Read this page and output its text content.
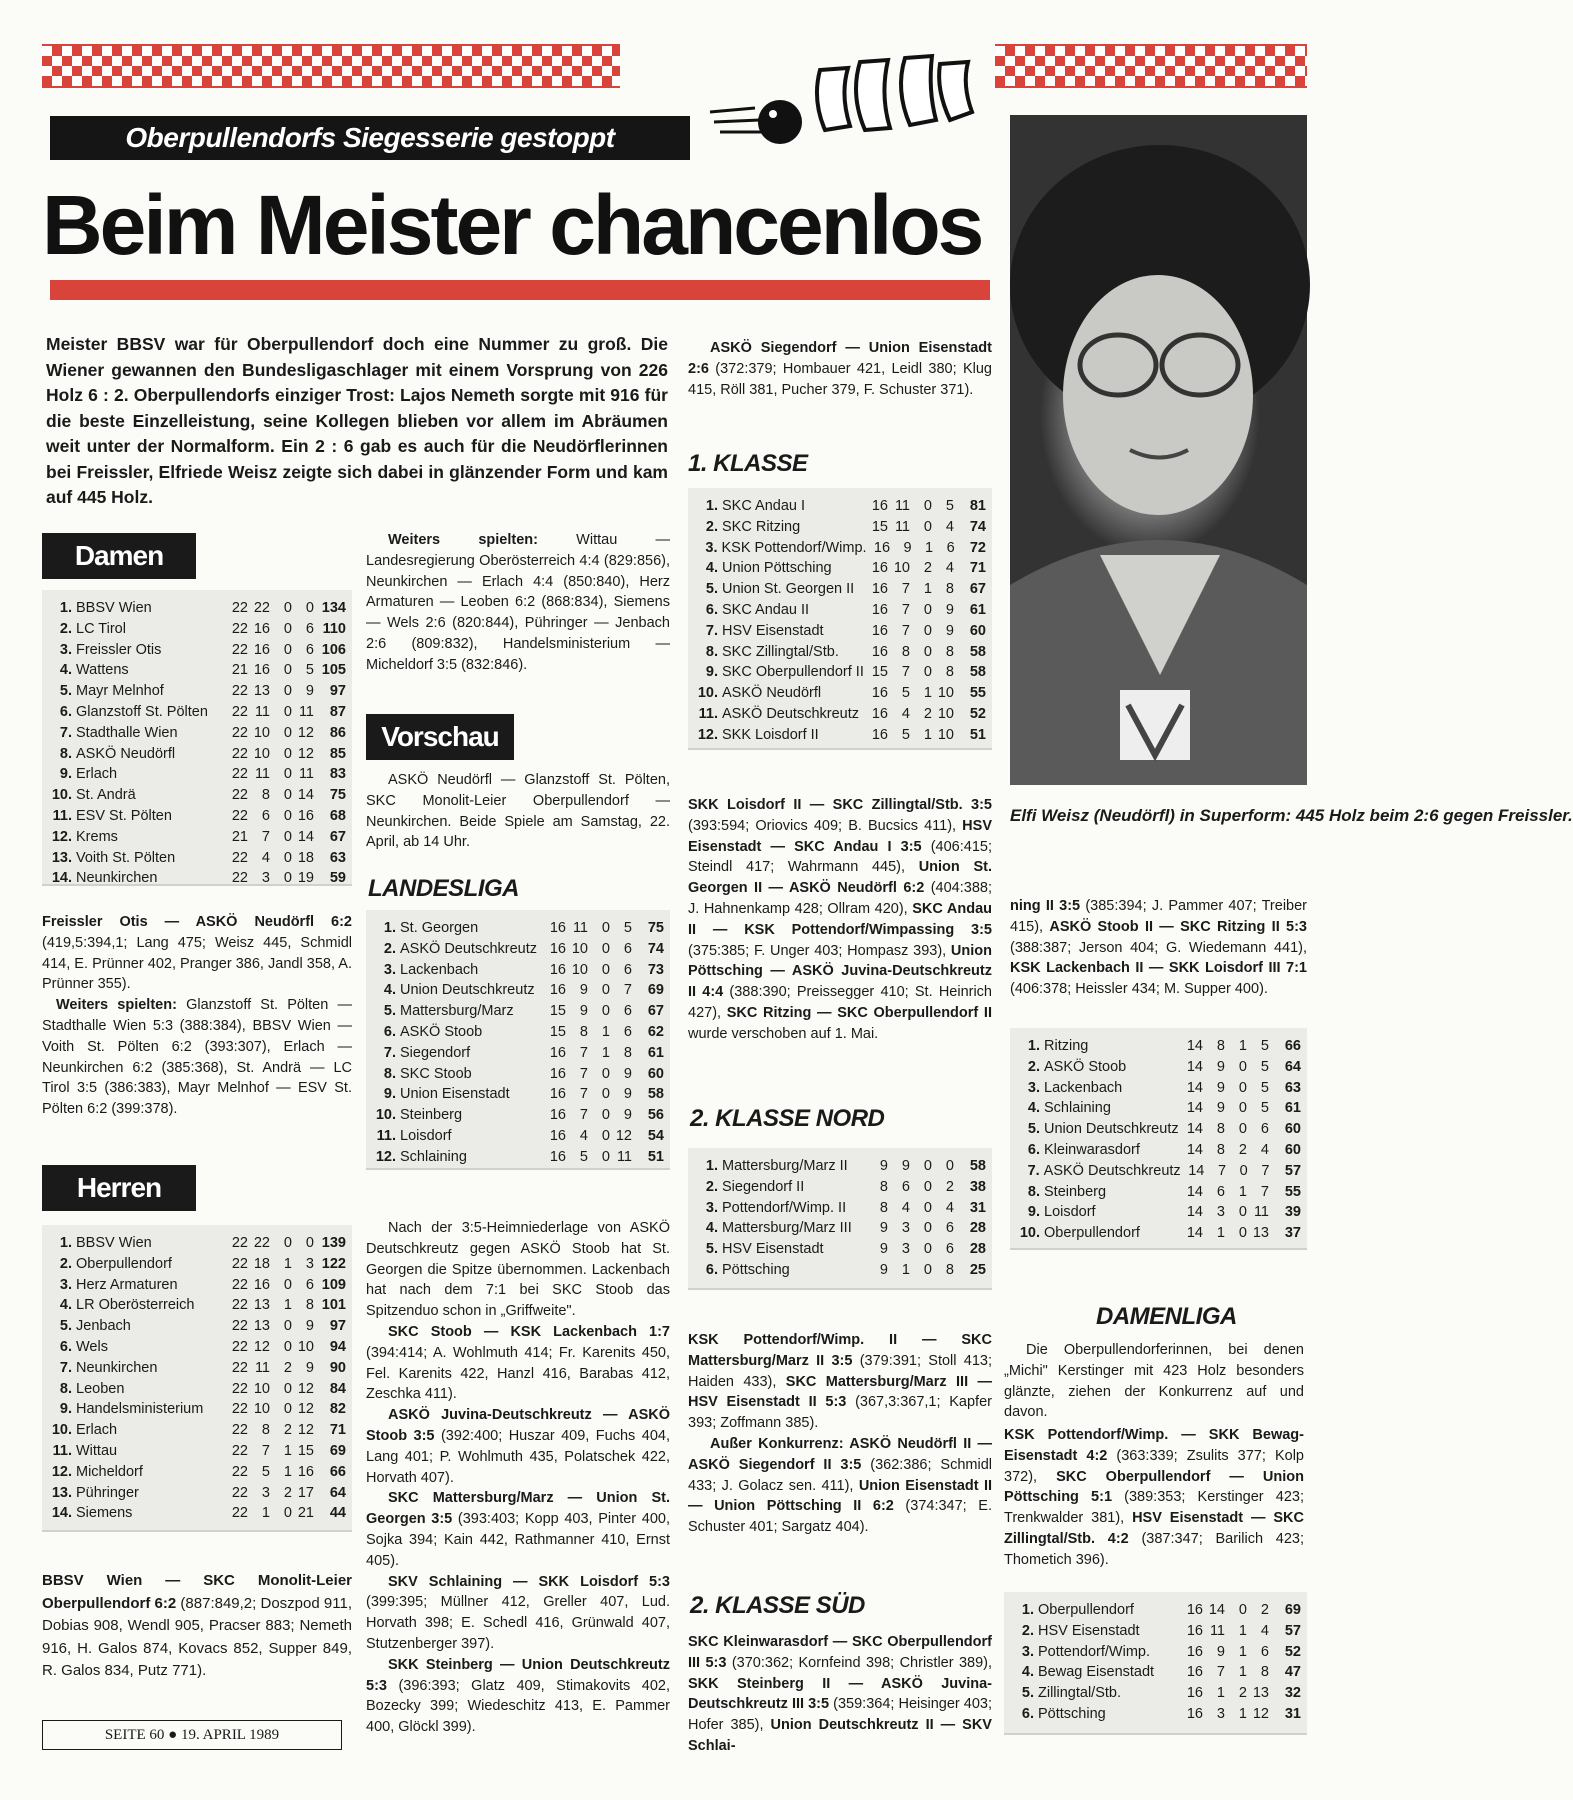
Oberpullendorfs Siegesserie gestoppt
Beim Meister chancenlos
Meister BBSV war für Oberpullendorf doch eine Nummer zu groß. Die Wiener gewannen den Bundesligaschlager mit einem Vorsprung von 226 Holz 6 : 2. Oberpullendorfs einziger Trost: Lajos Nemeth sorgte mit 916 für die beste Einzelleistung, seine Kollegen blieben vor allem im Abräumen weit unter der Normalform. Ein 2 : 6 gab es auch für die Neudörflerinnen bei Freissler, Elfriede Weisz zeigte sich dabei in glänzender Form und kam auf 445 Holz.
Elfi Weisz (Neudörfl) in Superform: 445 Holz beim 2:6 gegen Freissler.
Damen
1. BBSV Wien	22 22 0 0 134
2. LC Tirol	22 16 0 6 110
3. Freissler Otis	22 16 0 6 106
4. Wattens	21 16 0 5 105
5. Mayr Melnhof	22 13 0 9	97
6. Glanzstoff St. Pölten	22 11 0 11	87
7. Stadthalle Wien	22 10 0 12	86
8. ASKÖ Neudörfl	22 10 0 12	85
9. Erlach	22 11 0 11	83
10. St. Andrä	22 8 0 14	75
11. ESV St. Pölten	22 6 0 16	68
12. Krems	21 7 0 14	67
13. Voith St. Pölten	22 4 0 18	63
14. Neunkirchen	22 3 0 19	59

Freissler Otis — ASKÖ Neudörfl 6:2 (419,5:394,1; Lang 475; Weisz 445, Schmidl 414, E. Prünner 402, Pranger 386, Jandl 358, A. Prünner 355).

Weiters spielten: Glanzstoff St. Pölten — Stadthalle Wien 5:3 (388:384), BBSV Wien — Voith St. Pölten 6:2 (393:307), Erlach — Neunkirchen 6:2 (385:368), St. Andrä — LC Tirol 3:5 (386:383), Mayr Melnhof — ESV St. Pölten 6:2 (399:378).

Herren
1. BBSV Wien	22 22 0 0 139
2. Oberpullendorf	22 18 1 3 122
3. Herz Armaturen	22 16 0 6 109
4. LR Oberösterreich	22 13 1 8 101
5. Jenbach	22 13 0 9	97
6. Wels	22 12 0 10	94
7. Neunkirchen	22 11 2 9	90
8. Leoben	22 10 0 12	84
9. Handelsministerium	22 10 0 12	82
10. Erlach	22 8 2 12	71
11. Wittau	22 7 1 15	69
12. Micheldorf	22 5 1 16	66
13. Pühringer	22 3 2 17	64
14. Siemens	22 1 0 21	44

BBSV Wien — SKC Monolit-Leier Oberpullendorf 6:2 (887:849,2; Doszpod 911, Dobias 908, Wendl 905, Pracser 883; Nemeth 916, H. Galos 874, Kovacs 852, Supper 849, R. Galos 834, Putz 771).

SEITE 60 ● 19. APRIL 1989

Weiters spielten: Wittau — Landesregierung Oberösterreich 4:4 (829:856), Neunkirchen — Erlach 4:4 (850:840), Herz Armaturen — Leoben 6:2 (868:834), Siemens — Wels 2:6 (820:844), Pühringer — Jenbach 2:6 (809:832), Handelsministerium — Micheldorf 3:5 (832:846).

Vorschau
ASKÖ Neudörfl — Glanzstoff St. Pölten, SKC Monolit-Leier Oberpullendorf — Neunkirchen. Beide Spiele am Samstag, 22. April, ab 14 Uhr.
LANDESLIGA
1. St. Georgen	16 11 0 5	75
2. ASKÖ Deutschkreutz 16 10 0 6	74
3. Lackenbach	16 10 0 6	73
4. Union Deutschkreutz	16 9 0 7	69
5. Mattersburg/Marz	15 9 0 6	67
6. ASKÖ Stoob	15 8 1 6	62
7. Siegendorf	16 7 1 8	61
8. SKC Stoob	16 7 0 9	60
9. Union Eisenstadt	16 7 0 9	58
10. Steinberg	16 7 0 9	56
11. Loisdorf	16 4 0 12	54
12. Schlaining	16 5 0 11	51

Nach der 3:5-Heimniederlage von ASKÖ Deutschkreutz gegen ASKÖ Stoob hat St. Georgen die Spitze übernommen. Lackenbach hat nach dem 7:1 bei SKC Stoob das Spitzenduo schon in „Griffweite".

SKC Stoob — KSK Lackenbach 1:7 (394:414; A. Wohlmuth 414; Fr. Karenits 450, Fel. Karenits 422, Hanzl 416, Barabas 412, Zeschka 411).

ASKÖ Juvina-Deutschkreutz — ASKÖ Stoob 3:5 (392:400; Huszar 409, Fuchs 404, Lang 401; P. Wohlmuth 435, Polatschek 422, Horvath 407).

SKC Mattersburg/Marz — Union St. Georgen 3:5 (393:403; Kopp 403, Pinter 400, Sojka 394; Kain 442, Rathmanner 410, Ernst 405).

SKV Schlaining — SKK Loisdorf 5:3 (399:395; Müllner 412, Greller 407, Lud. Horvath 398; E. Schedl 416, Grünwald 407, Stutzenberger 397).

SKK Steinberg — Union Deutschkreutz 5:3 (396:393; Glatz 409, Stimakovits 402, Bozecky 399; Wiedeschitz 413, E. Pammer 400, Glöckl 399).

ASKÖ Siegendorf — Union Eisenstadt 2:6 (372:379; Hombauer 421, Leidl 380; Klug 415, Röll 381, Pucher 379, F. Schuster 371).

1. KLASSE
1. SKC Andau I	16 11 0 5	81
2. SKC Ritzing	15 11 0 4	74
3. KSK Pottendorf/Wimp. 16 9 1 6	72
4. Union Pöttsching	16 10 2 4	71
5. Union St. Georgen II	16 7 1 8	67
6. SKC Andau II	16 7 0 9	61
7. HSV Eisenstadt	16 7 0 9	60
8. SKC Zillingtal/Stb.	16 8 0 8	58
9. SKC Oberpullendorf II 15 7 0 8	58
10. ASKÖ Neudörfl	16 5 1 10	55
11. ASKÖ Deutschkreutz 16 4 2 10	52
12. SKK Loisdorf II	16 5 1 10	51
SKK Loisdorf II — SKC Zillingtal/Stb. 3:5 (393:594; Oriovics 409; B. Bucsics 411), HSV Eisenstadt — SKC Andau I 3:5 (406:415; Steindl 417; Wahrmann 445), Union St. Georgen II — ASKÖ Neudörfl 6:2 (404:388; J. Hahnenkamp 428; Ollram 420), SKC Andau II — KSK Pottendorf/Wimpassing 3:5 (375:385; F. Unger 403; Hompasz 393), Union Pöttsching — ASKÖ Juvina-Deutschkreutz II 4:4 (388:390; Preissegger 410; St. Heinrich 427), SKC Ritzing — SKC Oberpullendorf II wurde verschoben auf 1. Mai.
2. KLASSE NORD
1. Mattersburg/Marz II	9 9 0 0	58
2. Siegendorf II	8 6 0 2	38
3. Pottendorf/Wimp. II	8 4 0 4	31
4. Mattersburg/Marz III	9 3 0 6	28
5. HSV Eisenstadt	9 3 0 6	28
6. Pöttsching	9 1 0 8	25

KSK Pottendorf/Wimp. II — SKC Mattersburg/Marz II 3:5 (379:391; Stoll 413; Haiden 433), SKC Mattersburg/Marz III — HSV Eisenstadt II 5:3 (367,3:367,1; Kapfer 393; Zoffmann 385).

Außer Konkurrenz: ASKÖ Neudörfl II — ASKÖ Siegendorf II 3:5 (362:386; Schmidl 433; J. Golacz sen. 411), Union Eisenstadt II — Union Pöttsching II 6:2 (374:347; E. Schuster 401; Sargatz 404).

2. KLASSE SÜD
SKC Kleinwarasdorf — SKC Oberpullendorf III 5:3 (370:362; Kornfeind 398; Christler 389), SKK Steinberg II — ASKÖ Juvina-Deutschkreutz III 3:5 (359:364; Heisinger 403; Hofer 385), Union Deutschkreutz II — SKV Schlai-
ning II 3:5 (385:394; J. Pammer 407; Treiber 415), ASKÖ Stoob II — SKC Ritzing II 5:3 (388:387; Jerson 404; G. Wiedemann 441), KSK Lackenbach II — SKK Loisdorf III 7:1 (406:378; Heissler 434; M. Supper 400).
1. Ritzing	14 8 1 5	66
2. ASKÖ Stoob	14 9 0 5	64
3. Lackenbach	14 9 0 5	63
4. Schlaining	14 9 0 5	61
5. Union Deutschkreutz 14 8 0 6	60
6. Kleinwarasdorf	14 8 2 4	60
7. ASKÖ Deutschkreutz 14 7 0 7	57
8. Steinberg	14 6 1 7	55
9. Loisdorf	14 3 0 11	39
10. Oberpullendorf	14 1 0 13	37
DAMENLIGA
Die Oberpullendorferinnen, bei denen „Michi" Kerstinger mit 423 Holz besonders glänzte, ziehen der Konkurrenz auf und davon.
KSK Pottendorf/Wimp. — SKK Bewag-Eisenstadt 4:2 (363:339; Zsulits 377; Kolp 372), SKC Oberpullendorf — Union Pöttsching 5:1 (389:353; Kerstinger 423; Trenkwalder 381), HSV Eisenstadt — SKC Zillingtal/Stb. 4:2 (387:347; Barilich 423; Thometich 396).
1. Oberpullendorf	16 14 0 2	69
2. HSV Eisenstadt	16 11 1 4	57
3. Pottendorf/Wimp.	16 9 1 6	52
4. Bewag Eisenstadt	16 7 1 8	47
5. Zillingtal/Stb.	16 1 2 13	32
6. Pöttsching	16 3 1 12	31
